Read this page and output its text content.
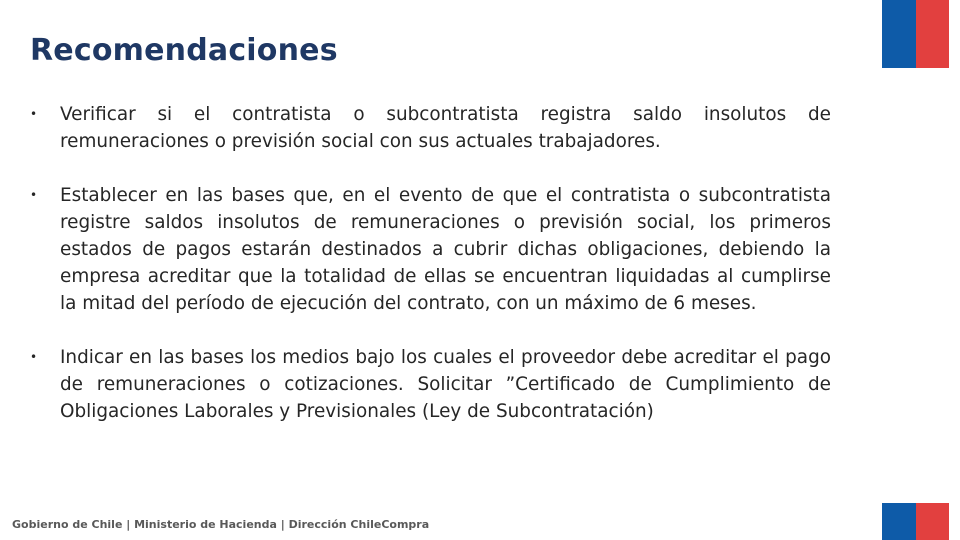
Recomendaciones
• Verificar si el contratista o subcontratista registra saldo insolutos de remuneraciones o previsión social con sus actuales trabajadores.
• Establecer en las bases que, en el evento de que el contratista o subcontratista registre saldos insolutos de remuneraciones o previsión social, los primeros estados de pagos estarán destinados a cubrir dichas obligaciones, debiendo la empresa acreditar que la totalidad de ellas se encuentran liquidadas al cumplirse la mitad del período de ejecución del contrato, con un máximo de 6 meses.
• Indicar en las bases los medios bajo los cuales el proveedor debe acreditar el pago de remuneraciones o cotizaciones. Solicitar ”Certificado de Cumplimiento de Obligaciones Laborales y Previsionales (Ley de Subcontratación)
Gobierno de Chile | Ministerio de Hacienda | Dirección ChileCompra
